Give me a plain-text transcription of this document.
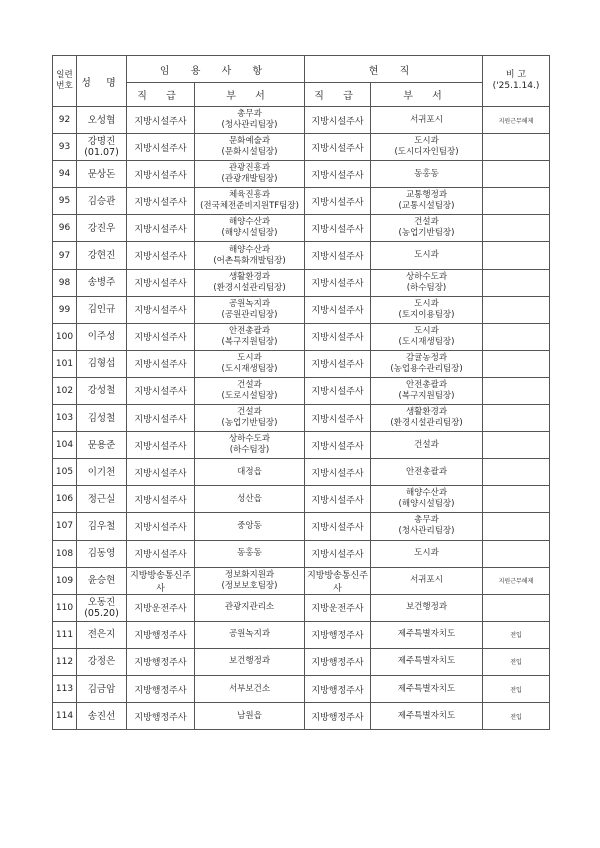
일련
번호	성 명	임 용 사 항		현 직		비 고
('25.1.14.)

		직 급	부 서	직 급	부 서	

92	오성협	지방시설주사	총무과
(청사관리팀장)	지방시설주사	서귀포시	지원근무해제

93	강명진
(01.07)	지방시설주사	문화예술과
(문화시설팀장)	지방시설주사	도시과
(도시디자인팀장)	

94	문상돈	지방시설주사	관광진흥과
(관광개발팀장)	지방시설주사	동홍동	

95	김승관	지방시설주사	체육진흥과
(전국체전준비지원TF팀장)	지방시설주사	교통행정과
(교통시설팀장)	

96	강진우	지방시설주사	해양수산과
(해양시설팀장)	지방시설주사	건설과
(농업기반팀장)	

97	강현진	지방시설주사	해양수산과
(어촌특화개발팀장)	지방시설주사	도시과	

98	송병주	지방시설주사	생활환경과
(환경시설관리팀장)	지방시설주사	상하수도과
(하수팀장)	

99	김인규	지방시설주사	공원녹지과
(공원관리팀장)	지방시설주사	도시과
(토지이용팀장)	

100	이주성	지방시설주사	안전총괄과
(복구지원팀장)	지방시설주사	도시과
(도시재생팀장)	

101	김형섭	지방시설주사	도시과
(도시재생팀장)	지방시설주사	감귤농정과
(농업용수관리팀장)	

102	강성철	지방시설주사	건설과
(도로시설팀장)	지방시설주사	안전총괄과
(복구지원팀장)	

103	김성철	지방시설주사	건설과
(농업기반팀장)	지방시설주사	생활환경과
(환경시설관리팀장)	

104	문용준	지방시설주사	상하수도과
(하수팀장)	지방시설주사	건설과	

105	이기천	지방시설주사	대정읍	지방시설주사	안전총괄과	

106	정근실	지방시설주사	성산읍	지방시설주사	해양수산과
(해양시설팀장)	

107	김우철	지방시설주사	중앙동	지방시설주사	총무과
(청사관리팀장)	

108	김동영	지방시설주사	동홍동	지방시설주사	도시과	

109	윤승현	지방방송통신주사	정보화지원과
(정보보호팀장)	지방방송통신주사	서귀포시	지원근무해제

110	오동진
(05.20)	지방운전주사	관광지관리소	지방운전주사	보건행정과	

111	전은지	지방행정주사	공원녹지과	지방행정주사	제주특별자치도	전입

112	강정은	지방행정주사	보건행정과	지방행정주사	제주특별자치도	전입

113	김금암	지방행정주사	서부보건소	지방행정주사	제주특별자치도	전입

114	송진선	지방행정주사	남원읍	지방행정주사	제주특별자치도	전입
